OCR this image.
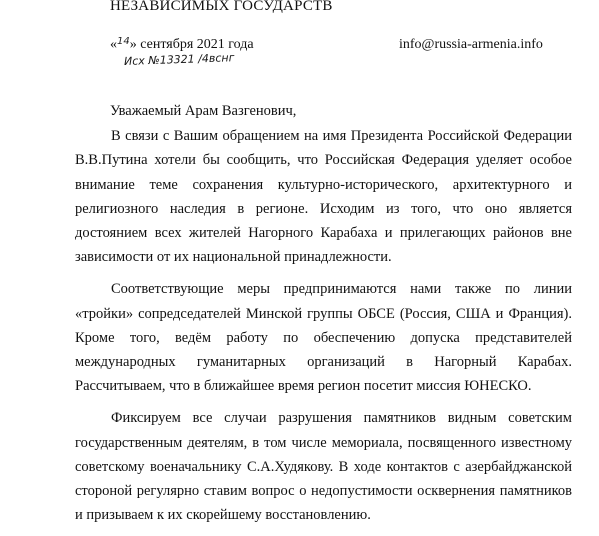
НЕЗАВИСИМЫХ ГОСУДАРСТВ
«$^{14}$» сентября 2021 года	info@russia-armenia.info
Исх №13321 /4вснг
Уважаемый Арам Вазгенович,

В связи с Вашим обращением на имя Президента Российской Федерации В.В.Путина хотели бы сообщить, что Российская Федерация уделяет особое внимание теме сохранения культурно-исторического, архитектурного и религиозного наследия в регионе. Исходим из того, что оно является достоянием всех жителей Нагорного Карабаха и прилегающих районов вне зависимости от их национальной принадлежности.

Соответствующие меры предпринимаются нами также по линии «тройки» сопредседателей Минской группы ОБСЕ (Россия, США и Франция). Кроме того, ведём работу по обеспечению допуска представителей международных гуманитарных организаций в Нагорный Карабах. Рассчитываем, что в ближайшее время регион посетит миссия ЮНЕСКО.

Фиксируем все случаи разрушения памятников видным советским государственным деятелям, в том числе мемориала, посвященного известному советскому военачальнику С.А.Худякову. В ходе контактов с азербайджанской стороной регулярно ставим вопрос о недопустимости осквернения памятников и призываем к их скорейшему восстановлению.
